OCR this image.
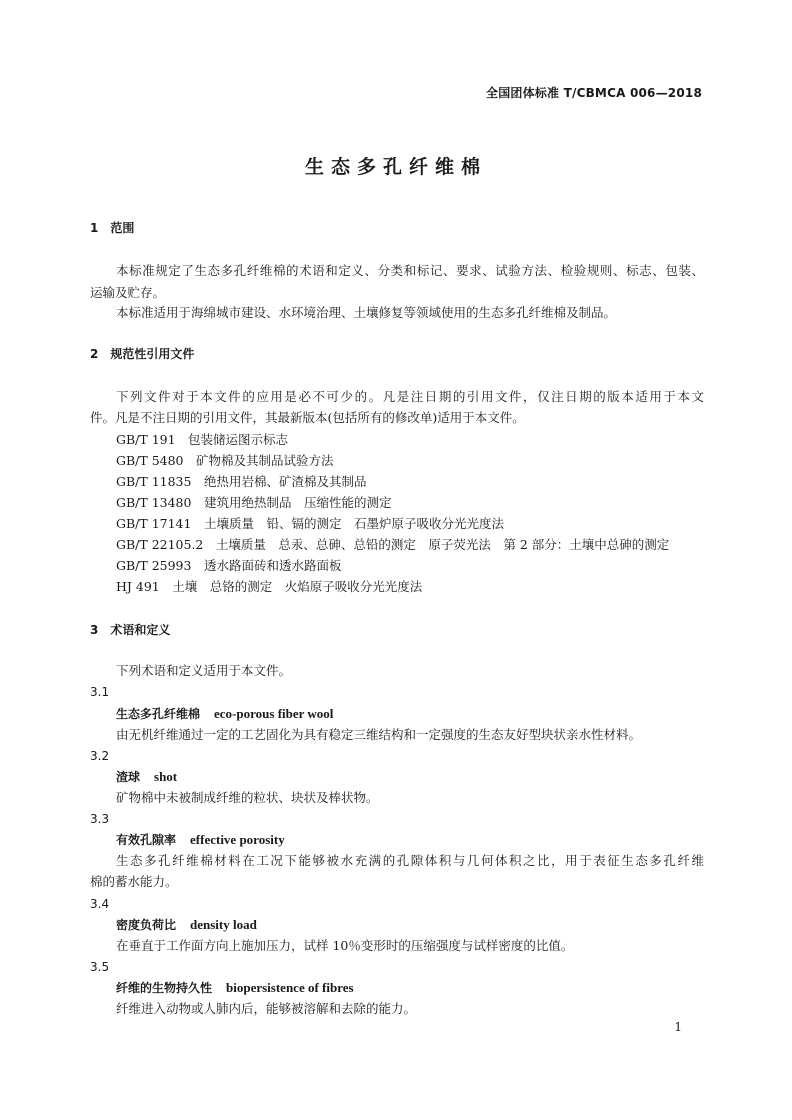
全国团体标准 T/CBMCA 006—2018
生态多孔纤维棉
1　范围
本标准规定了生态多孔纤维棉的术语和定义、分类和标记、要求、试验方法、检验规则、标志、包装、
运输及贮存。
本标准适用于海绵城市建设、水环境治理、土壤修复等领域使用的生态多孔纤维棉及制品。
2　规范性引用文件
下列文件对于本文件的应用是必不可少的。凡是注日期的引用文件，仅注日期的版本适用于本文
件。凡是不注日期的引用文件，其最新版本(包括所有的修改单)适用于本文件。
GB/T 191　包装储运图示标志
GB/T 5480　矿物棉及其制品试验方法
GB/T 11835　绝热用岩棉、矿渣棉及其制品
GB/T 13480　建筑用绝热制品　压缩性能的测定
GB/T 17141　土壤质量　铅、镉的测定　石墨炉原子吸收分光光度法
GB/T 22105.2　土壤质量　总汞、总砷、总铅的测定　原子荧光法　第 2 部分：土壤中总砷的测定
GB/T 25993　透水路面砖和透水路面板
HJ 491　土壤　总铬的测定　火焰原子吸收分光光度法
3　术语和定义
下列术语和定义适用于本文件。
3.1
生态多孔纤维棉 eco-porous fiber wool
由无机纤维通过一定的工艺固化为具有稳定三维结构和一定强度的生态友好型块状亲水性材料。
3.2
渣球 shot
矿物棉中未被制成纤维的粒状、块状及棒状物。
3.3
有效孔隙率 effective porosity
生态多孔纤维棉材料在工况下能够被水充满的孔隙体积与几何体积之比，用于表征生态多孔纤维
棉的蓄水能力。
3.4
密度负荷比 density load
在垂直于工作面方向上施加压力，试样 10％变形时的压缩强度与试样密度的比值。
3.5
纤维的生物持久性 biopersistence of fibres
纤维进入动物或人肺内后，能够被溶解和去除的能力。
1
